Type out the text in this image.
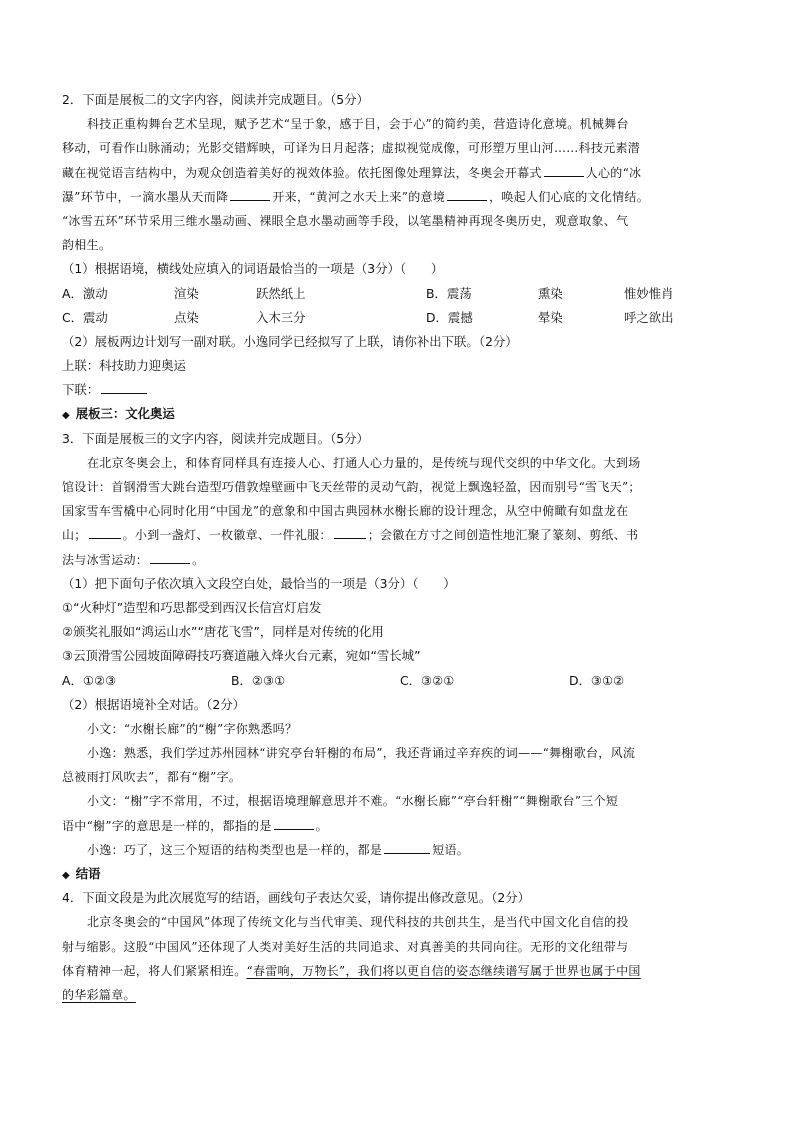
2．下面是展板二的文字内容，阅读并完成题目。（5分）
科技正重构舞台艺术呈现，赋予艺术“呈于象，感于目，会于心”的简约美，营造诗化意境。机械舞台
移动，可看作山脉涌动；光影交错辉映，可译为日月起落；虚拟视觉成像，可形塑万里山河……科技元素潜
藏在视觉语言结构中，为观众创造着美好的视效体验。依托图像处理算法，冬奥会开幕式	人心的“冰
瀑”环节中，一滴水墨从天而降	开来，“黄河之水天上来”的意境	，唤起人们心底的文化情结。
“冰雪五环”环节采用三维水墨动画、裸眼全息水墨动画等手段，以笔墨精神再现冬奥历史，观意取象、气
韵相生。
（1）根据语境，横线处应填入的词语最恰当的一项是（3分）（　　）
A．激动	渲染	跃然纸上	B．震荡	熏染	惟妙惟肖
C．震动	点染	入木三分	D．震撼	晕染	呼之欲出
（2）展板两边计划写一副对联。小逸同学已经拟写了上联，请你补出下联。（2分）
上联：科技助力迎奥运
下联：
◆ 展板三：文化奥运
3．下面是展板三的文字内容，阅读并完成题目。（5分）
在北京冬奥会上，和体育同样具有连接人心、打通人心力量的，是传统与现代交织的中华文化。大到场
馆设计：首钢滑雪大跳台造型巧借敦煌壁画中飞天丝带的灵动气韵，视觉上飘逸轻盈，因而别号“雪飞天”；
国家雪车雪橇中心同时化用“中国龙”的意象和中国古典园林水榭长廊的设计理念，从空中俯瞰有如盘龙在
山；	。小到一盏灯、一枚徽章、一件礼服：	；会徽在方寸之间创造性地汇聚了篆刻、剪纸、书
法与冰雪运动：	。
（1）把下面句子依次填入文段空白处，最恰当的一项是（3分）（　　）
①“火种灯”造型和巧思都受到西汉长信宫灯启发
②颁奖礼服如“鸿运山水”“唐花飞雪”，同样是对传统的化用
③云顶滑雪公园坡面障碍技巧赛道融入烽火台元素，宛如“雪长城”
A．①②③	B．②③①	C．③②①	D．③①②
（2）根据语境补全对话。（2分）
小文：“水榭长廊”的“榭”字你熟悉吗？
小逸：熟悉，我们学过苏州园林“讲究亭台轩榭的布局”，我还背诵过辛弃疾的词——“舞榭歌台，风流
总被雨打风吹去”，都有“榭”字。
小文：“榭”字不常用，不过，根据语境理解意思并不难。“水榭长廊”“亭台轩榭”“舞榭歌台”三个短
语中“榭”字的意思是一样的，都指的是	。
小逸：巧了，这三个短语的结构类型也是一样的，都是	短语。
◆ 结语
4．下面文段是为此次展览写的结语，画线句子表达欠妥，请你提出修改意见。（2分）
北京冬奥会的“中国风”体现了传统文化与当代审美、现代科技的共创共生，是当代中国文化自信的投
射与缩影。这股“中国风”还体现了人类对美好生活的共同追求、对真善美的共同向往。无形的文化纽带与
体育精神一起，将人们紧紧相连。“春雷响，万物长”，我们将以更自信的姿态继续谱写属于世界也属于中国
的华彩篇章。
